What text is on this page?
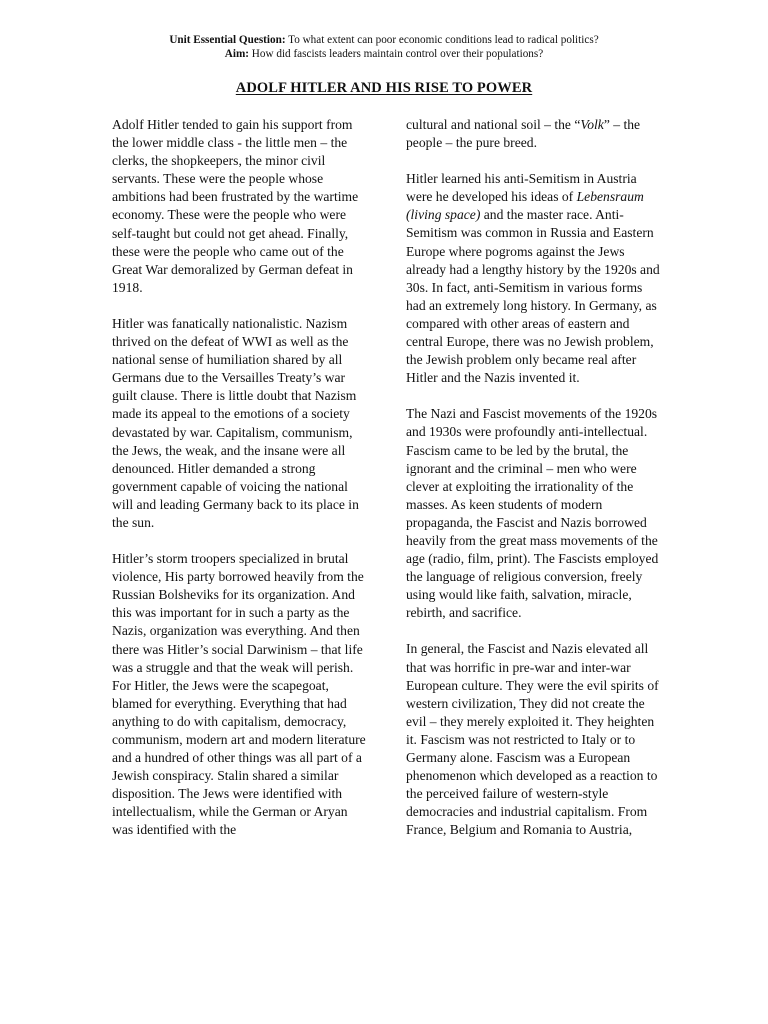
Unit Essential Question: To what extent can poor economic conditions lead to radical politics?
Aim: How did fascists leaders maintain control over their populations?
ADOLF HITLER AND HIS RISE TO POWER

Adolf Hitler tended to gain his support from the lower middle class - the little men – the clerks, the shopkeepers, the minor civil servants. These were the people whose ambitions had been frustrated by the wartime economy. These were the people who were self-taught but could not get ahead. Finally, these were the people who came out of the Great War demoralized by German defeat in 1918.

Hitler was fanatically nationalistic. Nazism thrived on the defeat of WWI as well as the national sense of humiliation shared by all Germans due to the Versailles Treaty’s war guilt clause. There is little doubt that Nazism made its appeal to the emotions of a society devastated by war. Capitalism, communism, the Jews, the weak, and the insane were all denounced. Hitler demanded a strong government capable of voicing the national will and leading Germany back to its place in the sun.

Hitler’s storm troopers specialized in brutal violence, His party borrowed heavily from the Russian Bolsheviks for its organization. And this was important for in such a party as the Nazis, organization was everything. And then there was Hitler’s social Darwinism – that life was a struggle and that the weak will perish. For Hitler, the Jews were the scapegoat, blamed for everything. Everything that had anything to do with capitalism, democracy, communism, modern art and modern literature and a hundred of other things was all part of a Jewish conspiracy. Stalin shared a similar disposition. The Jews were identified with intellectualism, while the German or Aryan was identified with the

cultural and national soil – the “Volk” – the people – the pure breed.

Hitler learned his anti-Semitism in Austria were he developed his ideas of Lebensraum (living space) and the master race. Anti-Semitism was common in Russia and Eastern Europe where pogroms against the Jews already had a lengthy history by the 1920s and 30s. In fact, anti-Semitism in various forms had an extremely long history. In Germany, as compared with other areas of eastern and central Europe, there was no Jewish problem, the Jewish problem only became real after Hitler and the Nazis invented it.

The Nazi and Fascist movements of the 1920s and 1930s were profoundly anti-intellectual. Fascism came to be led by the brutal, the ignorant and the criminal – men who were clever at exploiting the irrationality of the masses. As keen students of modern propaganda, the Fascist and Nazis borrowed heavily from the great mass movements of the age (radio, film, print). The Fascists employed the language of religious conversion, freely using would like faith, salvation, miracle, rebirth, and sacrifice.

In general, the Fascist and Nazis elevated all that was horrific in pre-war and inter-war European culture. They were the evil spirits of western civilization, They did not create the evil – they merely exploited it. They heighten it. Fascism was not restricted to Italy or to Germany alone. Fascism was a European phenomenon which developed as a reaction to the perceived failure of western-style democracies and industrial capitalism. From France, Belgium and Romania to Austria,
